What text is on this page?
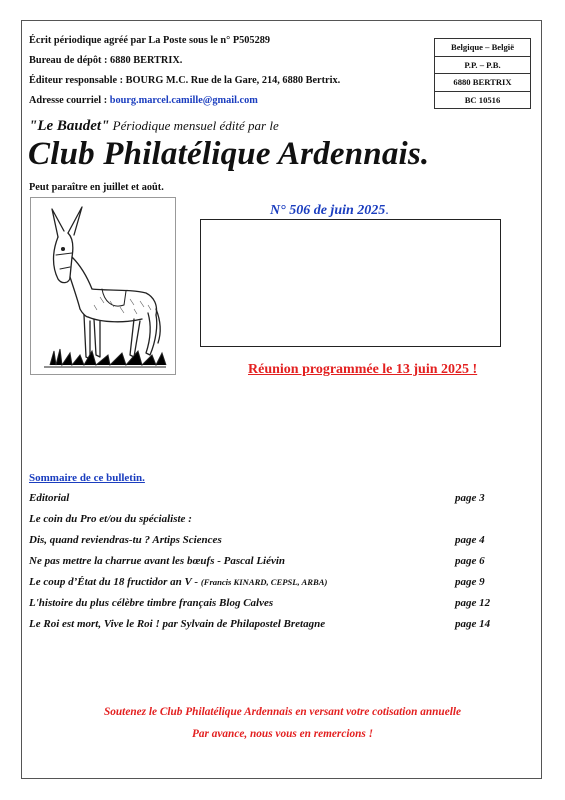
Écrit périodique agréé par La Poste sous le n° P505289
Bureau de dépôt : 6880 BERTRIX.
Éditeur responsable : BOURG M.C. Rue de la Gare, 214, 6880 Bertrix.
Adresse courriel : bourg.marcel.camille@gmail.com
Belgique – België
P.P. – P.B.
6880 BERTRIX
BC 10516
"Le Baudet" Périodique mensuel édité par le
Club Philatélique Ardennais.
Peut paraître en juillet et août.
N° 506 de juin 2025.
Réunion programmée le 13 juin 2025 !
Sommaire de ce bulletin.
Editorial	page 3
Le coin du Pro et/ou du spécialiste :
Dis, quand reviendras-tu ? Artips Sciences	page 4
Ne pas mettre la charrue avant les bœufs - Pascal Liévin	page 6
Le coup d’État du 18 fructidor an V - (Francis KINARD, CEPSL, ARBA)	page 9
L'histoire du plus célèbre timbre français Blog Calves	page 12
Le Roi est mort, Vive le Roi ! par Sylvain de Philapostel Bretagne	page 14
Soutenez le Club Philatélique Ardennais en versant votre cotisation annuelle
Par avance, nous vous en remercions !
